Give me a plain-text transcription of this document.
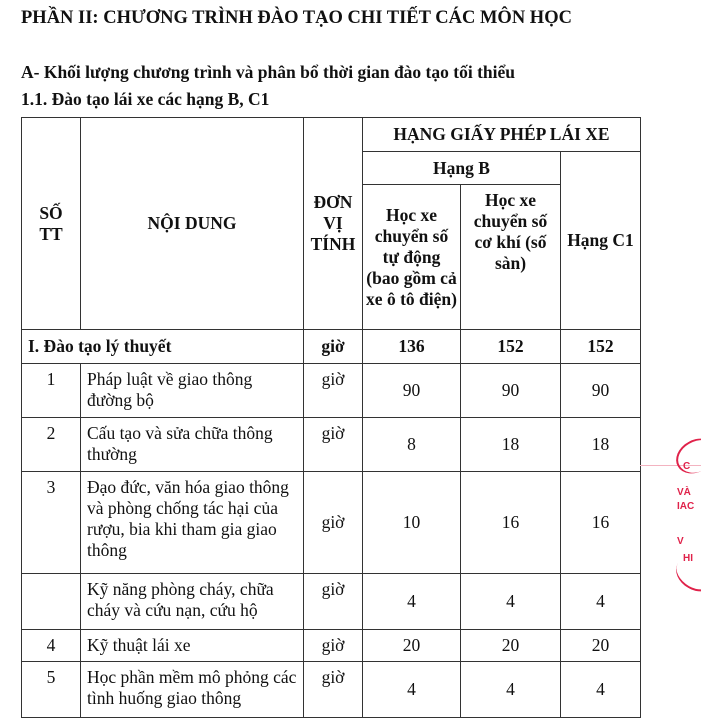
PHẦN II: CHƯƠNG TRÌNH ĐÀO TẠO CHI TIẾT CÁC MÔN HỌC
A- Khối lượng chương trình và phân bổ thời gian đào tạo tối thiểu
1.1. Đào tạo lái xe các hạng B, C1
SỐ TT	NỘI DUNG	ĐƠN VỊ TÍNH	HẠNG GIẤY PHÉP LÁI XE		
			Hạng B		Hạng C1
			Học xe chuyển số tự động (bao gồm cả xe ô tô điện)	Học xe chuyển số cơ khí (số sàn)	
I. Đào tạo lý thuyết		giờ	136	152	152
1	Pháp luật về giao thông đường bộ	giờ	90	90	90
2	Cấu tạo và sửa chữa thông thường	giờ	8	18	18
3	Đạo đức, văn hóa giao thông và phòng chống tác hại của rượu, bia khi tham gia giao thông	giờ	10	16	16
	Kỹ năng phòng cháy, chữa cháy và cứu nạn, cứu hộ	giờ	4	4	4
4	Kỹ thuật lái xe	giờ	20	20	20
5	Học phần mềm mô phỏng các tình huống giao thông	giờ	4	4	4
C
VÀ
IAC
V
HI
